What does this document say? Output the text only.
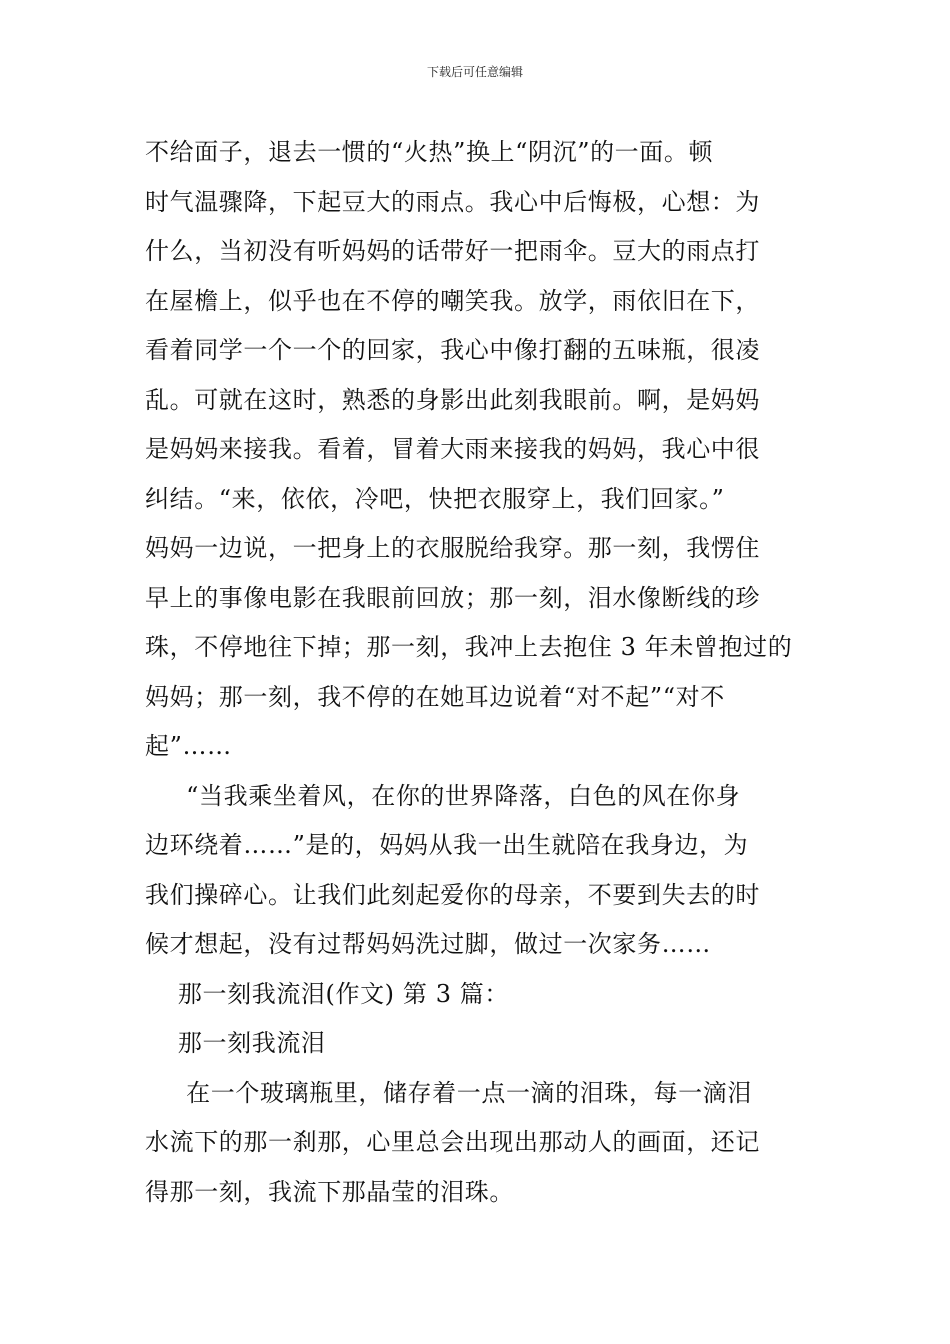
下载后可任意编辑
不给面子，退去一惯的“火热”换上“阴沉”的一面。顿
时气温骤降，下起豆大的雨点。我心中后悔极，心想：为
什么，当初没有听妈妈的话带好一把雨伞。豆大的雨点打
在屋檐上，似乎也在不停的嘲笑我。放学，雨依旧在下，
看着同学一个一个的回家，我心中像打翻的五味瓶，很凌
乱。可就在这时，熟悉的身影出此刻我眼前。啊，是妈妈
是妈妈来接我。看着，冒着大雨来接我的妈妈，我心中很
纠结。“来，依依，冷吧，快把衣服穿上，我们回家。”
妈妈一边说，一把身上的衣服脱给我穿。那一刻，我愣住
早上的事像电影在我眼前回放；那一刻，泪水像断线的珍
珠，不停地往下掉；那一刻，我冲上去抱住 3 年未曾抱过的
妈妈；那一刻，我不停的在她耳边说着“对不起”“对不
起”……
“当我乘坐着风，在你的世界降落，白色的风在你身
边环绕着……”是的，妈妈从我一出生就陪在我身边，为
我们操碎心。让我们此刻起爱你的母亲，不要到失去的时
候才想起，没有过帮妈妈洗过脚，做过一次家务……
那一刻我流泪(作文) 第 3 篇：
那一刻我流泪
在一个玻璃瓶里，储存着一点一滴的泪珠，每一滴泪
水流下的那一刹那，心里总会出现出那动人的画面，还记
得那一刻，我流下那晶莹的泪珠。
